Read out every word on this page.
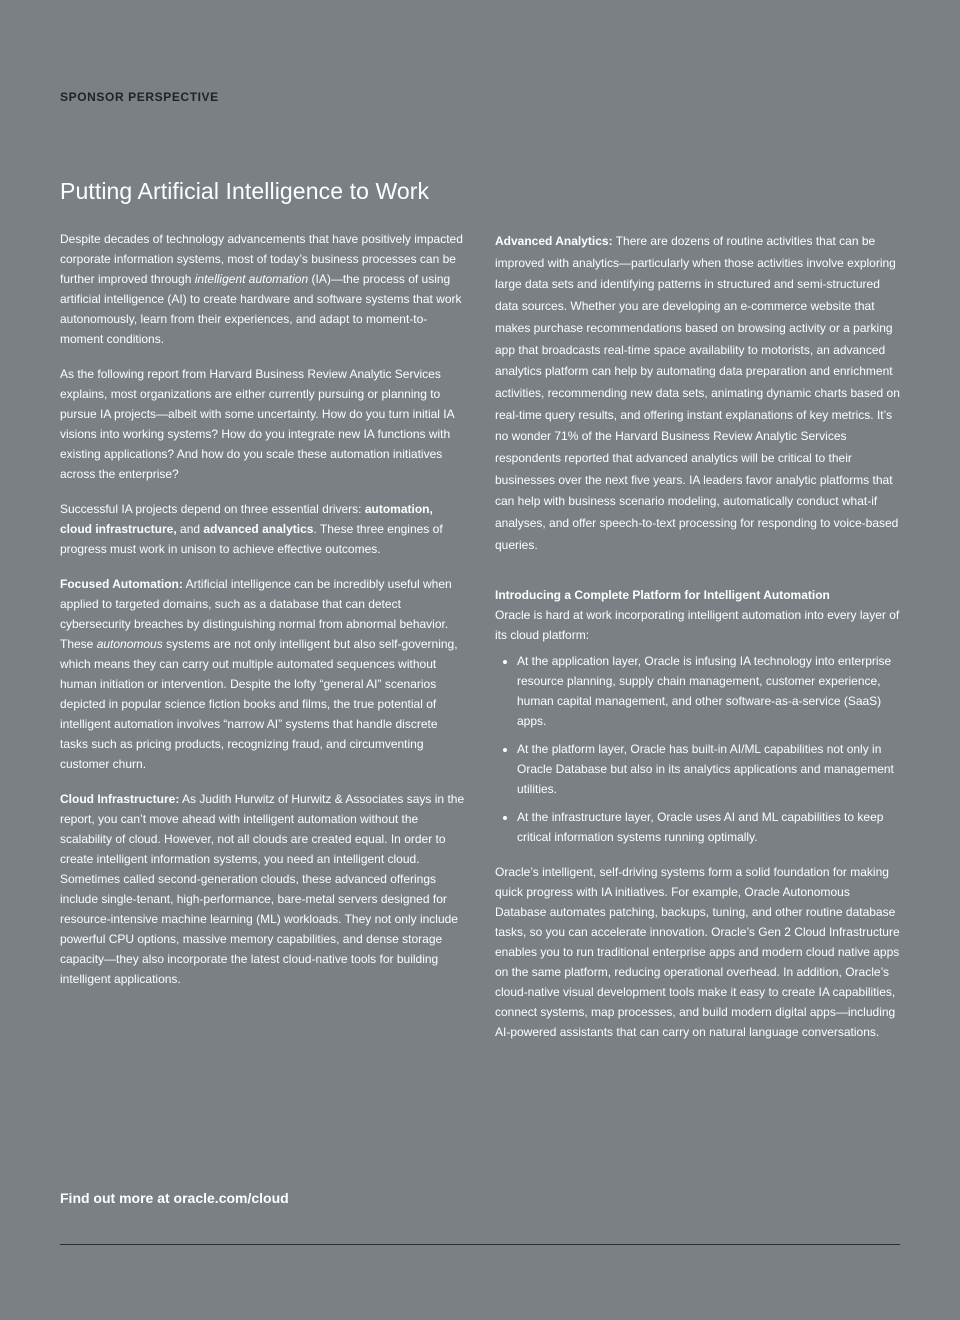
SPONSOR PERSPECTIVE

Putting Artificial Intelligence to Work

Despite decades of technology advancements that have positively impacted corporate information systems, most of today’s business processes can be further improved through intelligent automation (IA)—the process of using artificial intelligence (AI) to create hardware and software systems that work autonomously, learn from their experiences, and adapt to moment-to-moment conditions.

As the following report from Harvard Business Review Analytic Services explains, most organizations are either currently pursuing or planning to pursue IA projects—albeit with some uncertainty. How do you turn initial IA visions into working systems? How do you integrate new IA functions with existing applications? And how do you scale these automation initiatives across the enterprise?

Successful IA projects depend on three essential drivers: automation, cloud infrastructure, and advanced analytics. These three engines of progress must work in unison to achieve effective outcomes.

Focused Automation: Artificial intelligence can be incredibly useful when applied to targeted domains, such as a database that can detect cybersecurity breaches by distinguishing normal from abnormal behavior. These autonomous systems are not only intelligent but also self-governing, which means they can carry out multiple automated sequences without human initiation or intervention. Despite the lofty “general AI” scenarios depicted in popular science fiction books and films, the true potential of intelligent automation involves “narrow AI” systems that handle discrete tasks such as pricing products, recognizing fraud, and circumventing customer churn.

Cloud Infrastructure: As Judith Hurwitz of Hurwitz & Associates says in the report, you can’t move ahead with intelligent automation without the scalability of cloud. However, not all clouds are created equal. In order to create intelligent information systems, you need an intelligent cloud. Sometimes called second-generation clouds, these advanced offerings include single-tenant, high-performance, bare-metal servers designed for resource-intensive machine learning (ML) workloads. They not only include powerful CPU options, massive memory capabilities, and dense storage capacity—they also incorporate the latest cloud-native tools for building intelligent applications.

Advanced Analytics: There are dozens of routine activities that can be improved with analytics—particularly when those activities involve exploring large data sets and identifying patterns in structured and semi-structured data sources. Whether you are developing an e-commerce website that makes purchase recommendations based on browsing activity or a parking app that broadcasts real-time space availability to motorists, an advanced analytics platform can help by automating data preparation and enrichment activities, recommending new data sets, animating dynamic charts based on real-time query results, and offering instant explanations of key metrics. It’s no wonder 71% of the Harvard Business Review Analytic Services respondents reported that advanced analytics will be critical to their businesses over the next five years. IA leaders favor analytic platforms that can help with business scenario modeling, automatically conduct what-if analyses, and offer speech-to-text processing for responding to voice-based queries.

Introducing a Complete Platform for Intelligent Automation

Oracle is hard at work incorporating intelligent automation into every layer of its cloud platform:

• At the application layer, Oracle is infusing IA technology into enterprise resource planning, supply chain management, customer experience, human capital management, and other software-as-a-service (SaaS) apps.
• At the platform layer, Oracle has built-in AI/ML capabilities not only in Oracle Database but also in its analytics applications and management utilities.
• At the infrastructure layer, Oracle uses AI and ML capabilities to keep critical information systems running optimally.

Oracle’s intelligent, self-driving systems form a solid foundation for making quick progress with IA initiatives. For example, Oracle Autonomous Database automates patching, backups, tuning, and other routine database tasks, so you can accelerate innovation. Oracle’s Gen 2 Cloud Infrastructure enables you to run traditional enterprise apps and modern cloud native apps on the same platform, reducing operational overhead. In addition, Oracle’s cloud-native visual development tools make it easy to create IA capabilities, connect systems, map processes, and build modern digital apps—including AI-powered assistants that can carry on natural language conversations.

Find out more at oracle.com/cloud
